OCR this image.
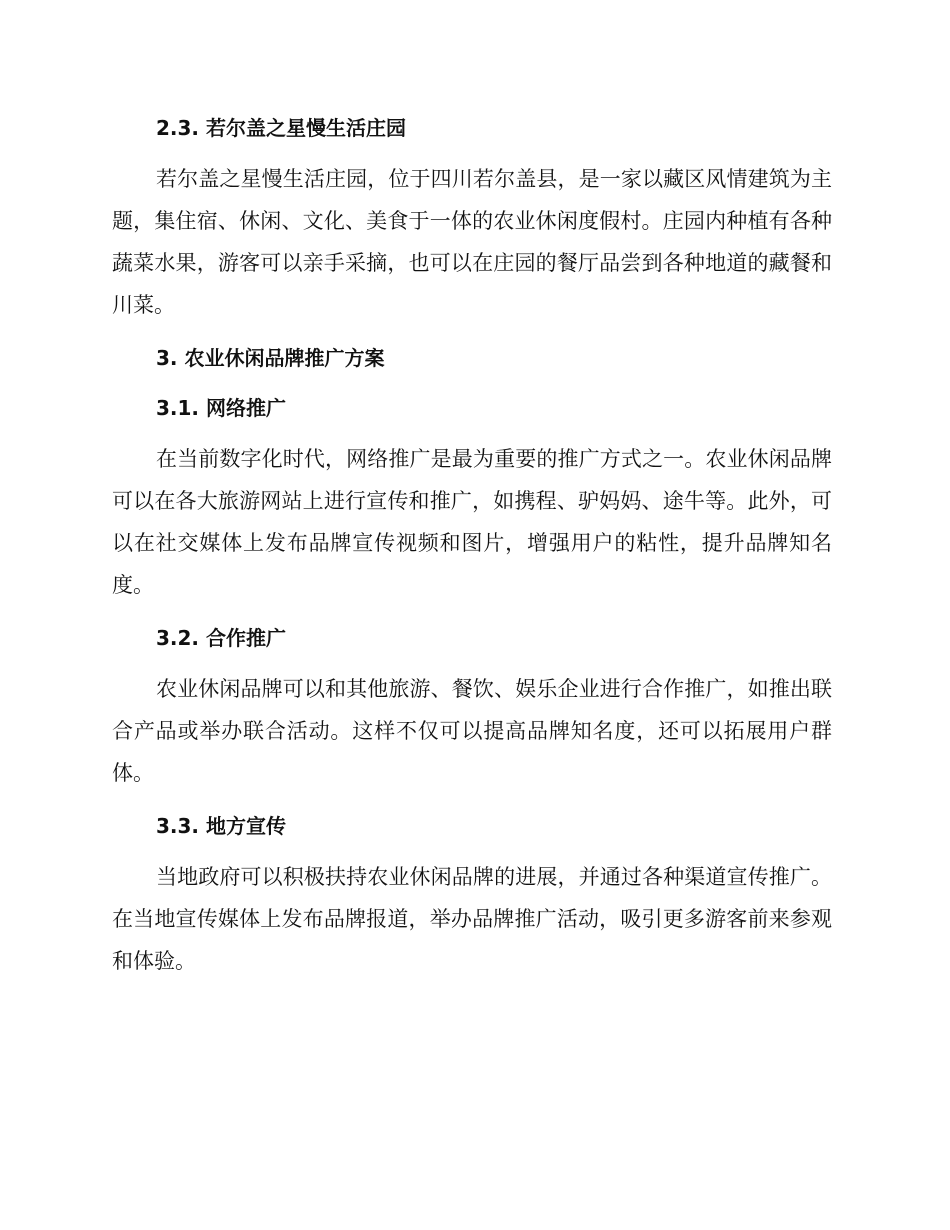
2.3. 若尔盖之星慢生活庄园

若尔盖之星慢生活庄园，位于四川若尔盖县，是一家以藏区风情建筑为主题，集住宿、休闲、文化、美食于一体的农业休闲度假村。庄园内种植有各种蔬菜水果，游客可以亲手采摘，也可以在庄园的餐厅品尝到各种地道的藏餐和川菜。

3. 农业休闲品牌推广方案
3.1. 网络推广

在当前数字化时代，网络推广是最为重要的推广方式之一。农业休闲品牌可以在各大旅游网站上进行宣传和推广，如携程、驴妈妈、途牛等。此外，可以在社交媒体上发布品牌宣传视频和图片，增强用户的粘性，提升品牌知名度。

3.2. 合作推广

农业休闲品牌可以和其他旅游、餐饮、娱乐企业进行合作推广，如推出联合产品或举办联合活动。这样不仅可以提高品牌知名度，还可以拓展用户群体。

3.3. 地方宣传

当地政府可以积极扶持农业休闲品牌的进展，并通过各种渠道宣传推广。在当地宣传媒体上发布品牌报道，举办品牌推广活动，吸引更多游客前来参观和体验。
